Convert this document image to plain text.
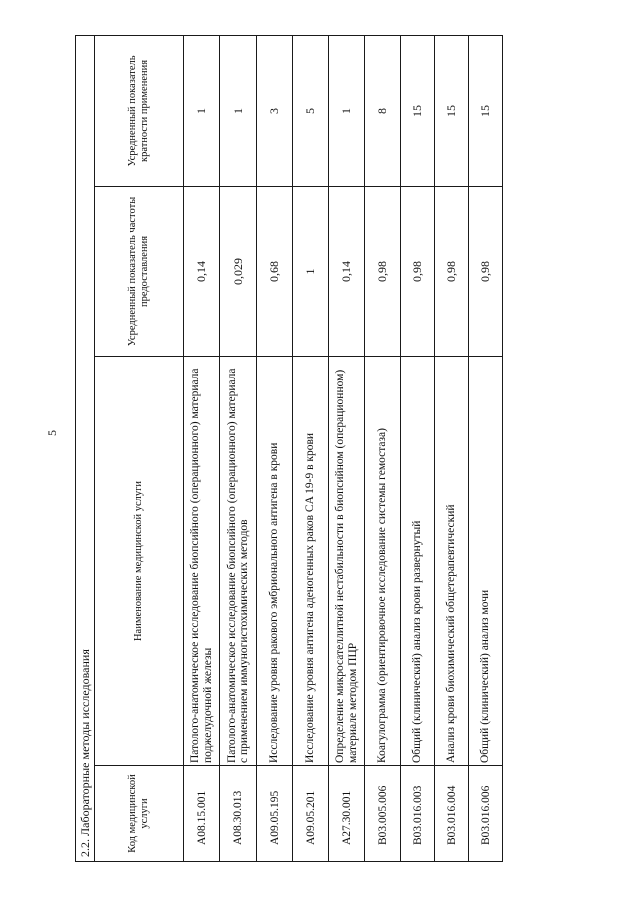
5
2.2. Лабораторные методы исследования			
Код медицинской услуги	Наименование медицинской услуги	Усредненный показатель частоты предоставления	Усредненный показатель кратности применения
A08.15.001	Патолого-анатомическое исследование биопсийного (операционного) материала поджелудочной железы	0,14	1
A08.30.013	Патолого-анатомическое исследование биопсийного (операционного) материала с применением иммуногистохимических методов	0,029	1
A09.05.195	Исследование уровня ракового эмбрионального антигена в крови	0,68	3
A09.05.201	Исследование уровня антигена аденогенных раков CA 19-9 в крови	1	5
A27.30.001	Определение микросателлитной нестабильности в биопсийном (операционном) материале методом ПЦР	0,14	1
B03.005.006	Коагулограмма (ориентировочное исследование системы гемостаза)	0,98	8
B03.016.003	Общий (клинический) анализ крови развернутый	0,98	15
B03.016.004	Анализ крови биохимический общетерапевтический	0,98	15
B03.016.006	Общий (клинический) анализ мочи	0,98	15
